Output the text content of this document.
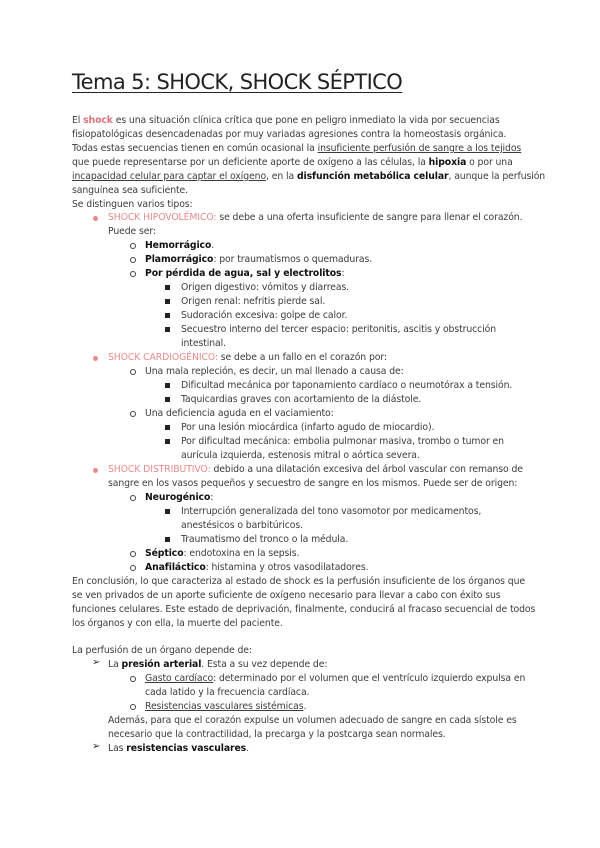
Tema 5: SHOCK, SHOCK SÉPTICO
El shock es una situación clínica crítica que pone en peligro inmediato la vida por secuencias
fisiopatológicas desencadenadas por muy variadas agresiones contra la homeostasis orgánica.
Todas estas secuencias tienen en común ocasional la insuficiente perfusión de sangre a los tejidos
que puede representarse por un deficiente aporte de oxígeno a las células, la hipoxia o por una
incapacidad celular para captar el oxígeno, en la disfunción metabólica celular, aunque la perfusión
sanguínea sea suficiente.
Se distinguen varios tipos:
SHOCK HIPOVOLÉMICO: se debe a una oferta insuficiente de sangre para llenar el corazón.
Puede ser:
Hemorrágico.
Plamorrágico: por traumatismos o quemaduras.
Por pérdida de agua, sal y electrolitos:
Origen digestivo: vómitos y diarreas.
Origen renal: nefritis pierde sal.
Sudoración excesiva: golpe de calor.
Secuestro interno del tercer espacio: peritonitis, ascitis y obstrucción
intestinal.
SHOCK CARDIOGÉNICO: se debe a un fallo en el corazón por:
Una mala repleción, es decir, un mal llenado a causa de:
Dificultad mecánica por taponamiento cardíaco o neumotórax a tensión.
Taquicardias graves con acortamiento de la diástole.
Una deficiencia aguda en el vaciamiento:
Por una lesión miocárdica (infarto agudo de miocardio).
Por dificultad mecánica: embolia pulmonar masiva, trombo o tumor en
aurícula izquierda, estenosis mitral o aórtica severa.
SHOCK DISTRIBUTIVO: debido a una dilatación excesiva del árbol vascular con remanso de
sangre en los vasos pequeños y secuestro de sangre en los mismos. Puede ser de origen:
Neurogénico:
Interrupción generalizada del tono vasomotor por medicamentos,
anestésicos o barbitúricos.
Traumatismo del tronco o la médula.
Séptico: endotoxina en la sepsis.
Anafiláctico: histamina y otros vasodilatadores.
En conclusión, lo que caracteriza al estado de shock es la perfusión insuficiente de los órganos que
se ven privados de un aporte suficiente de oxígeno necesario para llevar a cabo con éxito sus
funciones celulares. Este estado de deprivación, finalmente, conducirá al fracaso secuencial de todos
los órganos y con ella, la muerte del paciente.
La perfusión de un órgano depende de:
➢ La presión arterial. Esta a su vez depende de:
Gasto cardíaco: determinado por el volumen que el ventrículo izquierdo expulsa en
cada latido y la frecuencia cardíaca.
Resistencias vasculares sistémicas.
Además, para que el corazón expulse un volumen adecuado de sangre en cada sístole es
necesario que la contractilidad, la precarga y la postcarga sean normales.
➢ Las resistencias vasculares.
